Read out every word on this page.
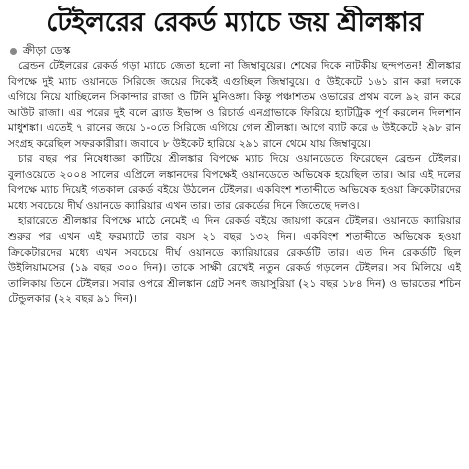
টেইলরের রেকর্ড ম্যাচে জয় শ্রীলঙ্কার
ক্রীড়া ডেস্ক

ব্রেন্ডন টেইলরের রেকর্ড গড়া ম্যাচে জেতা হলো না জিম্বাবুয়ের। শেষের দিকে নাটকীয় ছন্দপতন! শ্রীলঙ্কার বিপক্ষে দুই ম্যাচ ওয়ানডে সিরিজে জয়ের দিকেই এগুচ্ছিল জিম্বাবুয়ে। ৫ উইকেটে ১৬১ রান করা দলকে এগিয়ে নিয়ে যাচ্ছিলেন সিকান্দার রাজা ও টিনি মুনিওঙ্গা। কিন্তু পঞ্চাশতম ওভারের প্রথম বলে ৯২ রান করে আউট রাজা। এর পরের দুই বলে ব্র্যাড ইভান্স ও রিচার্ড এনগ্রাভাকে ফিরিয়ে হ্যাটট্রিক পূর্ণ করলেন দিলশান মাধুশঙ্কা। এতেই ৭ রানের জয়ে ১-০তে সিরিজে এগিয়ে গেল শ্রীলঙ্কা। আগে ব্যাট করে ৬ উইকেটে ২৯৮ রান সংগ্রহ করেছিল সফরকারীরা। জবাবে ৮ উইকেট হারিয়ে ২৯১ রানে থেমে যায় জিম্বাবুয়ে।

চার বছর পর নিষেধাজ্ঞা কাটিয়ে শ্রীলঙ্কার বিপক্ষে ম্যাচ দিয়ে ওয়ানডেতে ফিরেছেন ব্রেন্ডন টেইলর। বুলাওয়েতে ২০০৪ সালের এপ্রিলে লঙ্কানদের বিপক্ষেই ওয়ানডেতে অভিষেক হয়েছিল তার। আর এই দলের বিপক্ষে ম্যাচ দিয়েই গতকাল রেকর্ড বইয়ে উঠলেন টেইলর। একবিংশ শতাব্দীতে অভিষেক হওয়া ক্রিকেটারদের মধ্যে সবচেয়ে দীর্ঘ ওয়ানডে ক্যারিয়ার এখন তার। তার রেকর্ডের দিনে জিতেছে দলও।

হারারেতে শ্রীলঙ্কার বিপক্ষে মাঠে নেমেই এ দিন রেকর্ড বইয়ে জায়গা করেন টেইলর। ওয়ানডে ক্যারিয়ার শুরুর পর এখন এই ফরম্যাটে তার বয়স ২১ বছর ১৩২ দিন। একবিংশ শতাব্দীতে অভিষেক হওয়া ক্রিকেটারদের মধ্যে এখন সবচেয়ে দীর্ঘ ওয়ানডে ক্যারিয়ারের রেকর্ডটি তার। এত দিন রেকর্ডটি ছিল উইলিয়ামসের (১৯ বছর ৩০০ দিন)। তাকে সাক্ষী রেখেই নতুন রেকর্ড গড়লেন টেইলর। সব মিলিয়ে এই তালিকায় তিনে টেইলর। সবার ওপরে শ্রীলঙ্কান গ্রেট সনৎ জয়াসুরিয়া (২১ বছর ১৮৪ দিন) ও ভারতের শচিন টেন্ডুলকার (২২ বছর ৯১ দিন)।
